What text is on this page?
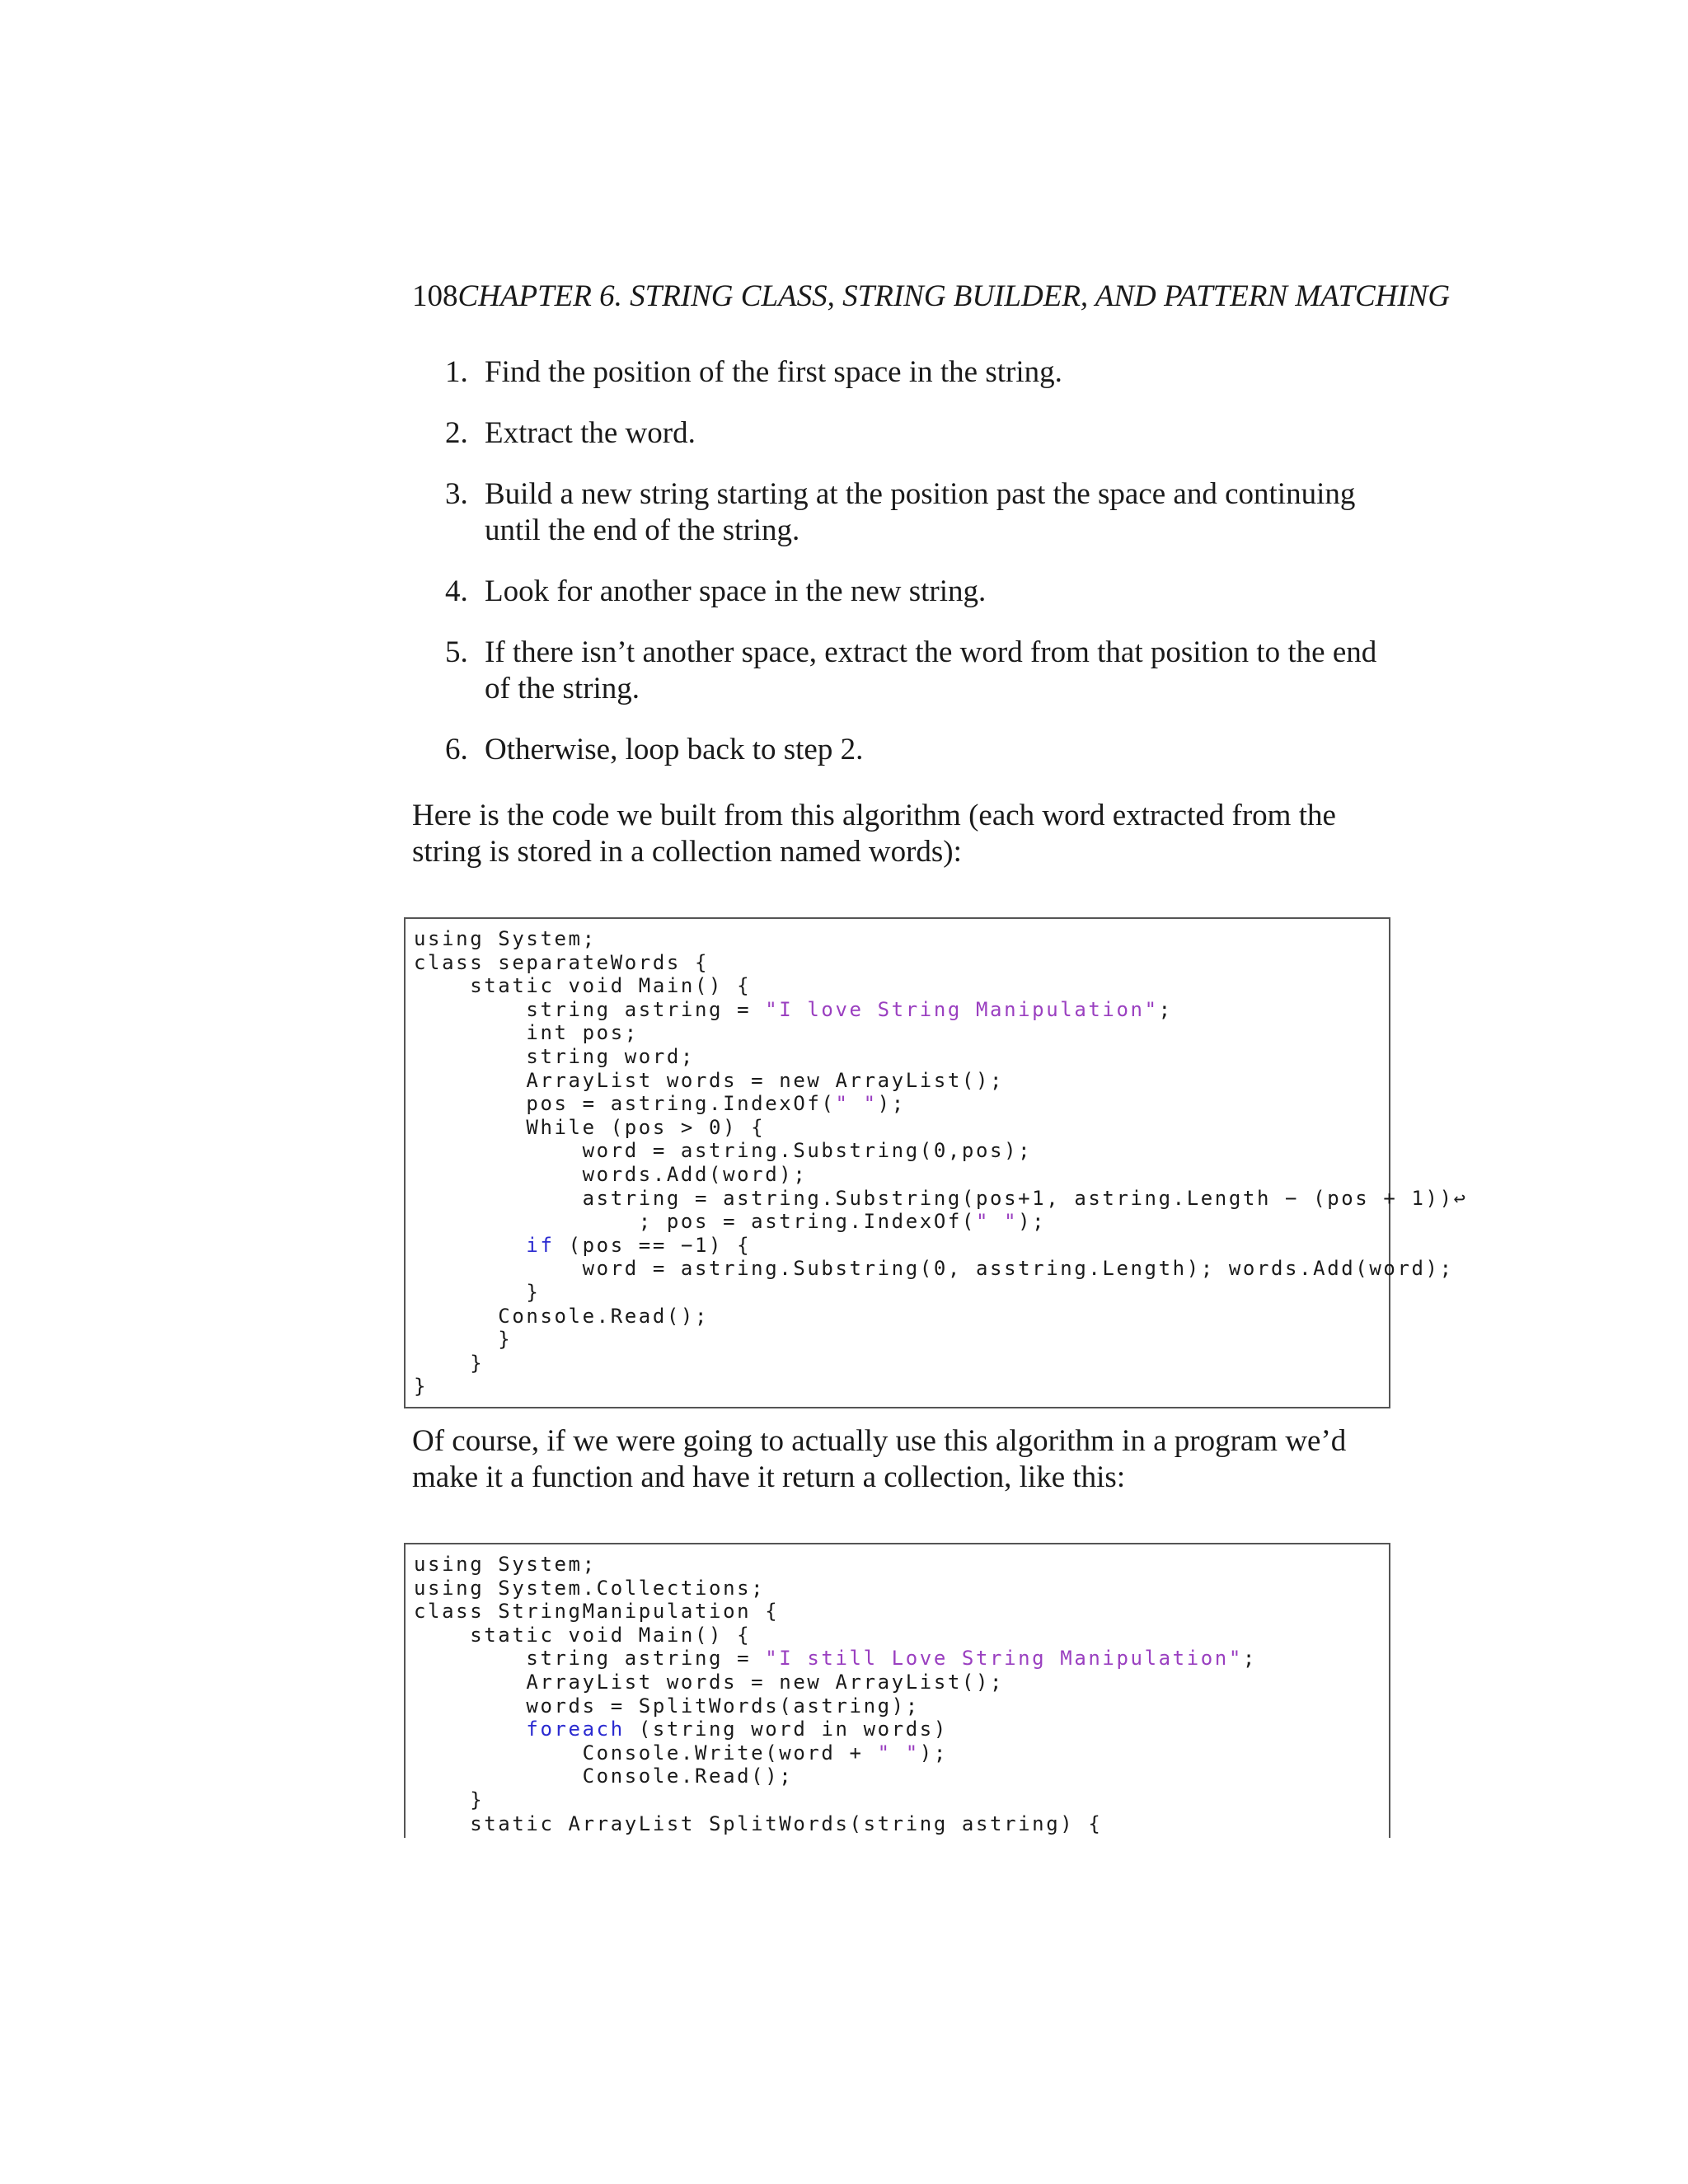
108CHAPTER 6. STRING CLASS, STRING BUILDER, AND PATTERN MATCHING
1. Find the position of the first space in the string.
2. Extract the word.
3. Build a new string starting at the position past the space and continuing until the end of the string.
4. Look for another space in the new string.
5. If there isn’t another space, extract the word from that position to the end of the string.
6. Otherwise, loop back to step 2.

Here is the code we built from this algorithm (each word extracted from the string is stored in a collection named words):

using System;
class separateWords {
static void Main() {
string astring = "I love String Manipulation";
int pos;
string word;
ArrayList words = new ArrayList();
pos = astring.IndexOf(" ");
While (pos > 0) {
word = astring.Substring(0,pos);
words.Add(word);
astring = astring.Substring(pos+1, astring.Length − (pos + 1))↩
; pos = astring.IndexOf(" ");
if (pos == −1) {
word = astring.Substring(0, asstring.Length); words.Add(word);
}
Console.Read();
}
}
}

Of course, if we were going to actually use this algorithm in a program we’d make it a function and have it return a collection, like this:

using System;
using System.Collections;
class StringManipulation {
static void Main() {
string astring = "I still Love String Manipulation";
ArrayList words = new ArrayList();
words = SplitWords(astring);
foreach (string word in words)
Console.Write(word + " ");
Console.Read();
}
static ArrayList SplitWords(string astring) {
